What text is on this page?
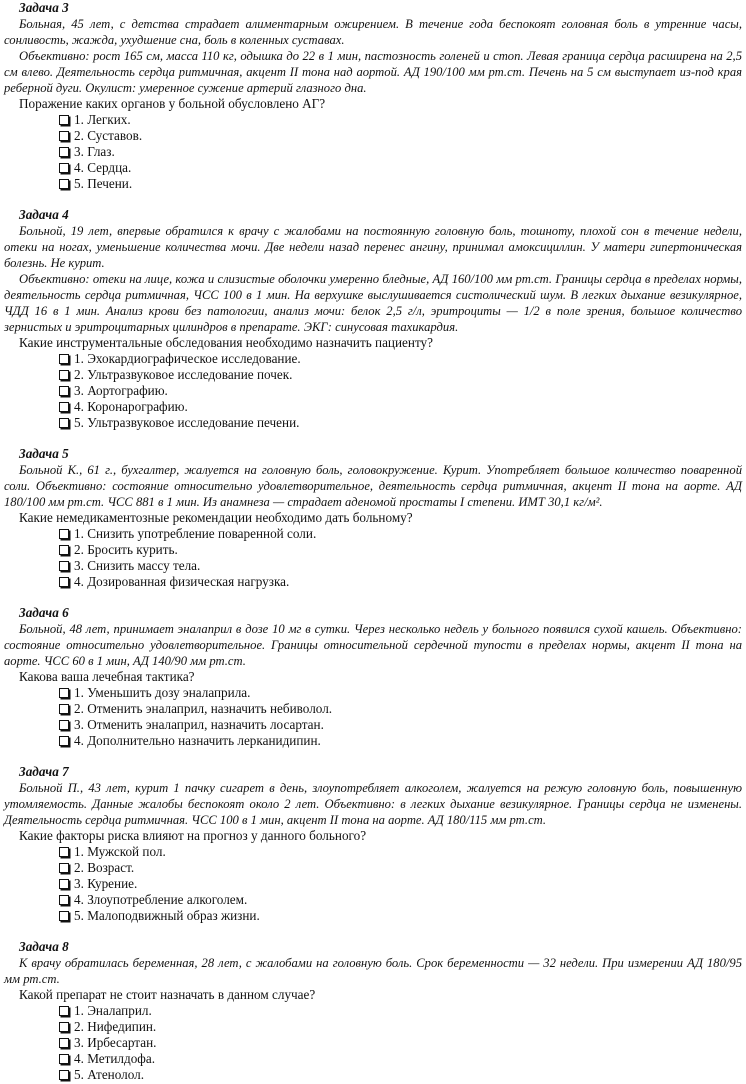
Задача 3

Больная, 45 лет, с детства страдает алиментарным ожирением. В течение года беспокоят головная боль в утренние часы, сонливость, жажда, ухудшение сна, боль в коленных суставах.

Объективно: рост 165 см, масса 110 кг, одышка до 22 в 1 мин, пастозность голеней и стоп. Левая граница сердца расширена на 2,5 см влево. Деятельность сердца ритмичная, акцент II тона над аортой. АД 190/100 мм рт.ст. Печень на 5 см выступает из-под края реберной дуги. Окулист: умеренное сужение артерий глазного дна.

Поражение каких органов у больной обусловлено АГ?
1. Легких.
2. Суставов.
3. Глаз.
4. Сердца.
5. Печени.
Задача 4

Больной, 19 лет, впервые обратился к врачу с жалобами на постоянную головную боль, тошноту, плохой сон в течение недели, отеки на ногах, уменьшение количества мочи. Две недели назад перенес ангину, принимал амоксициллин. У матери гипертоническая болезнь. Не курит.

Объективно: отеки на лице, кожа и слизистые оболочки умеренно бледные, АД 160/100 мм рт.ст. Границы сердца в пределах нормы, деятельность сердца ритмичная, ЧСС 100 в 1 мин. На верхушке выслушивается систолический шум. В легких дыхание везикулярное, ЧДД 16 в 1 мин. Анализ крови без патологии, анализ мочи: белок 2,5 г/л, эритроциты — 1/2 в поле зрения, большое количество зернистых и эритроцитарных цилиндров в препарате. ЭКГ: синусовая тахикардия.

Какие инструментальные обследования необходимо назначить пациенту?
1. Эхокардиографическое исследование.
2. Ультразвуковое исследование почек.
3. Аортографию.
4. Коронарографию.
5. Ультразвуковое исследование печени.
Задача 5

Больной К., 61 г., бухгалтер, жалуется на головную боль, головокружение. Курит. Употребляет большое количество поваренной соли. Объективно: состояние относительно удовлетворительное, деятельность сердца ритмичная, акцент II тона на аорте. АД 180/100 мм рт.ст. ЧСС 881 в 1 мин. Из анамнеза — страдает аденомой простаты I степени. ИМТ 30,1 кг/м².

Какие немедикаментозные рекомендации необходимо дать больному?
1. Снизить употребление поваренной соли.
2. Бросить курить.
3. Снизить массу тела.
4. Дозированная физическая нагрузка.
Задача 6

Больной, 48 лет, принимает эналаприл в дозе 10 мг в сутки. Через несколько недель у больного появился сухой кашель. Объективно: состояние относительно удовлетворительное. Границы относительной сердечной тупости в пределах нормы, акцент II тона на аорте. ЧСС 60 в 1 мин, АД 140/90 мм рт.ст.

Какова ваша лечебная тактика?
1. Уменьшить дозу эналаприла.
2. Отменить эналаприл, назначить небиволол.
3. Отменить эналаприл, назначить лосартан.
4. Дополнительно назначить лерканидипин.
Задача 7

Больной П., 43 лет, курит 1 пачку сигарет в день, злоупотребляет алкоголем, жалуется на режую головную боль, повышенную утомляемость. Данные жалобы беспокоят около 2 лет. Объективно: в легких дыхание везикулярное. Границы сердца не изменены. Деятельность сердца ритмичная. ЧСС 100 в 1 мин, акцент II тона на аорте. АД 180/115 мм рт.ст.

Какие факторы риска влияют на прогноз у данного больного?
1. Мужской пол.
2. Возраст.
3. Курение.
4. Злоупотребление алкоголем.
5. Малоподвижный образ жизни.
Задача 8

К врачу обратилась беременная, 28 лет, с жалобами на головную боль. Срок беременности — 32 недели. При измерении АД 180/95 мм рт.ст.

Какой препарат не стоит назначать в данном случае?
1. Эналаприл.
2. Нифедипин.
3. Ирбесартан.
4. Метилдофа.
5. Атенолол.
